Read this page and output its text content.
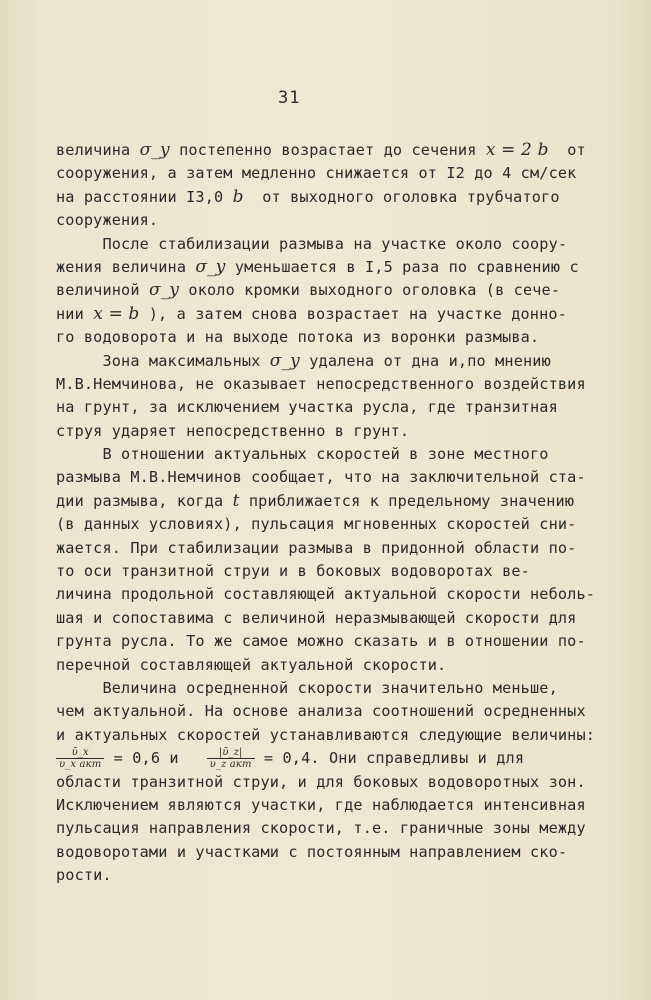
31
величина σ_y постепенно возрастает до сечения x = 2 b  от
сооружения, а затем медленно снижается от I2 до 4 см/сек
на расстоянии I3,0 b  от выходного оголовка трубчатого
сооружения.
После стабилизации размыва на участке около соору-
жения величина σ_y уменьшается в I,5 раза по сравнению с
величиной σ_y около кромки выходного оголовка (в сече-
нии x = b ), а затем снова возрастает на участке донно-
го водоворота и на выходе потока из воронки размыва.
Зона максимальных σ_y удалена от дна и,по мнению
М.В.Немчинова, не оказывает непосредственного воздействия
на грунт, за исключением участка русла, где транзитная
струя ударяет непосредственно в грунт.
В отношении актуальных скоростей в зоне местного
размыва М.В.Немчинов сообщает, что на заключительной ста-
дии размыва, когда t приближается к предельному значению
(в данных условиях), пульсация мгновенных скоростей сни-
жается. При стабилизации размыва в придонной области по-
то оси транзитной струи и в боковых водоворотах ве-
личина продольной составляющей актуальной скорости неболь-
шая и сопоставима с величиной неразмывающей скорости для
грунта русла. То же самое можно сказать и в отношении по-
перечной составляющей актуальной скорости.
Величина осредненной скорости значительно меньше,
чем актуальной. На основе анализа соотношений осредненных
и актуальных скоростей устанавливаются следующие величины:
$\frac{\text{ῡ\_x}}{\text{υ\_x акт}} = 0,6$ и $\frac{\text{|ῡ\_z|}}{\text{υ\_z акт}} = 0,4$. Они справедливы и для
области транзитной струи, и для боковых водоворотных зон.
Исключением являются участки, где наблюдается интенсивная
пульсация направления скорости, т.е. граничные зоны между
водоворотами и участками с постоянным направлением ско-
рости.
